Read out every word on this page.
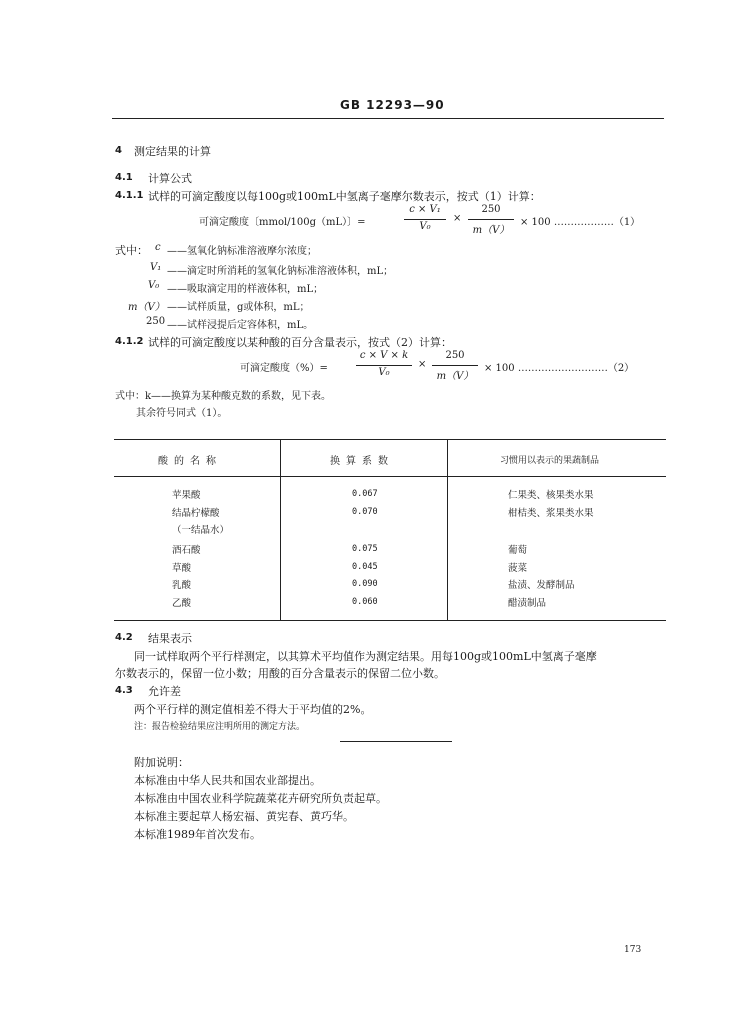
GB 12293—90
4 测定结果的计算
4.1 计算公式
4.1.1 试样的可滴定酸度以每100g或100mL中氢离子毫摩尔数表示，按式（1）计算：
可滴定酸度〔mmol/100g（mL）〕=
c × V₁
V₀
×
250
m（V）
× 100 ………………（1）
式中： c ——氢氧化钠标准溶液摩尔浓度；
V₁ ——滴定时所消耗的氢氧化钠标准溶液体积，mL；
V₀ ——吸取滴定用的样液体积，mL；
m（V） ——试样质量，g或体积，mL；
250 ——试样浸提后定容体积，mL。
4.1.2 试样的可滴定酸度以某种酸的百分含量表示，按式（2）计算：
可滴定酸度（%）=
c × V × k
V₀
×
250
m（V）
× 100 ………………………（2）
式中：k——换算为某种酸克数的系数，见下表。
其余符号同式（1）。
酸的名称	换算系数	习惯用以表示的果蔬制品
苹果酸	0.067	仁果类、核果类水果
结晶柠檬酸	0.070	柑桔类、浆果类水果
（一结晶水）
酒石酸	0.075	葡萄
草酸	0.045	菠菜
乳酸	0.090	盐渍、发酵制品
乙酸	0.060	醋渍制品
4.2 结果表示
同一试样取两个平行样测定，以其算术平均值作为测定结果。用每100g或100mL中氢离子毫摩
尔数表示的，保留一位小数；用酸的百分含量表示的保留二位小数。
4.3 允许差
两个平行样的测定值相差不得大于平均值的2%。
注：报告检验结果应注明所用的测定方法。
附加说明：
本标准由中华人民共和国农业部提出。
本标准由中国农业科学院蔬菜花卉研究所负责起草。
本标准主要起草人杨宏福、黄宪春、黄巧华。
本标准1989年首次发布。
173
